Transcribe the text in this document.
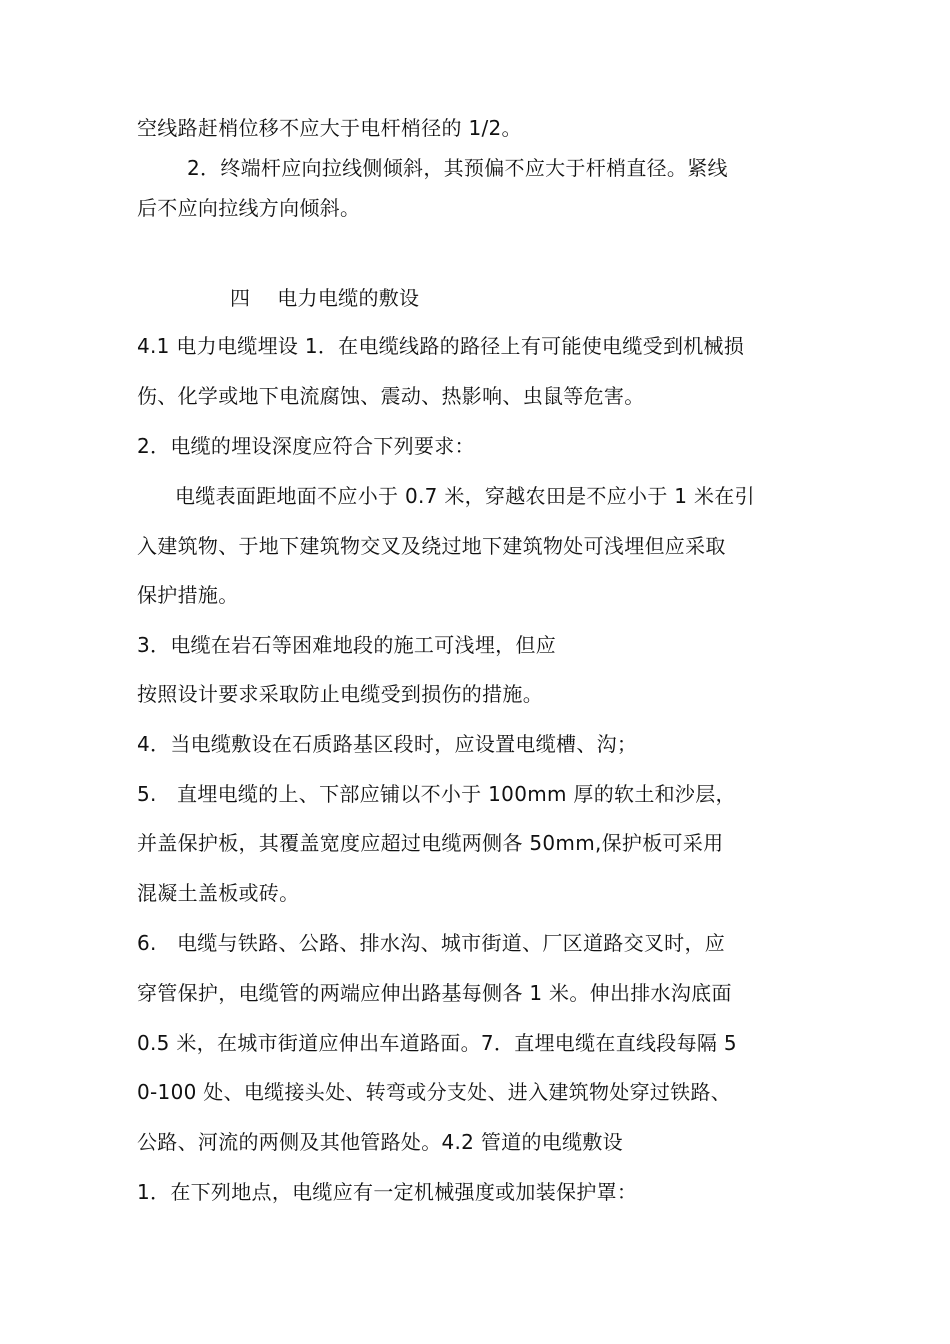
空线路赶梢位移不应大于电杆梢径的 1/2。
2．终端杆应向拉线侧倾斜，其预偏不应大于杆梢直径。紧线
后不应向拉线方向倾斜。
四　 电力电缆的敷设
4.1 电力电缆埋设 1．在电缆线路的路径上有可能使电缆受到机械损
伤、化学或地下电流腐蚀、震动、热影响、虫鼠等危害。
2．电缆的埋设深度应符合下列要求：
电缆表面距地面不应小于 0.7 米，穿越农田是不应小于 1 米在引
入建筑物、于地下建筑物交叉及绕过地下建筑物处可浅埋但应采取
保护措施。
3．电缆在岩石等困难地段的施工可浅埋，但应
按照设计要求采取防止电缆受到损伤的措施。
4．当电缆敷设在石质路基区段时，应设置电缆槽、沟；
5.　直埋电缆的上、下部应铺以不小于 100mm 厚的软土和沙层，
并盖保护板，其覆盖宽度应超过电缆两侧各 50mm,保护板可采用
混凝土盖板或砖。
6.　电缆与铁路、公路、排水沟、城市街道、厂区道路交叉时，应
穿管保护，电缆管的两端应伸出路基每侧各 1 米。伸出排水沟底面
0.5 米，在城市街道应伸出车道路面。7．直埋电缆在直线段每隔 5
0-100 处、电缆接头处、转弯或分支处、进入建筑物处穿过铁路、
公路、河流的两侧及其他管路处。4.2 管道的电缆敷设
1．在下列地点，电缆应有一定机械强度或加装保护罩：
